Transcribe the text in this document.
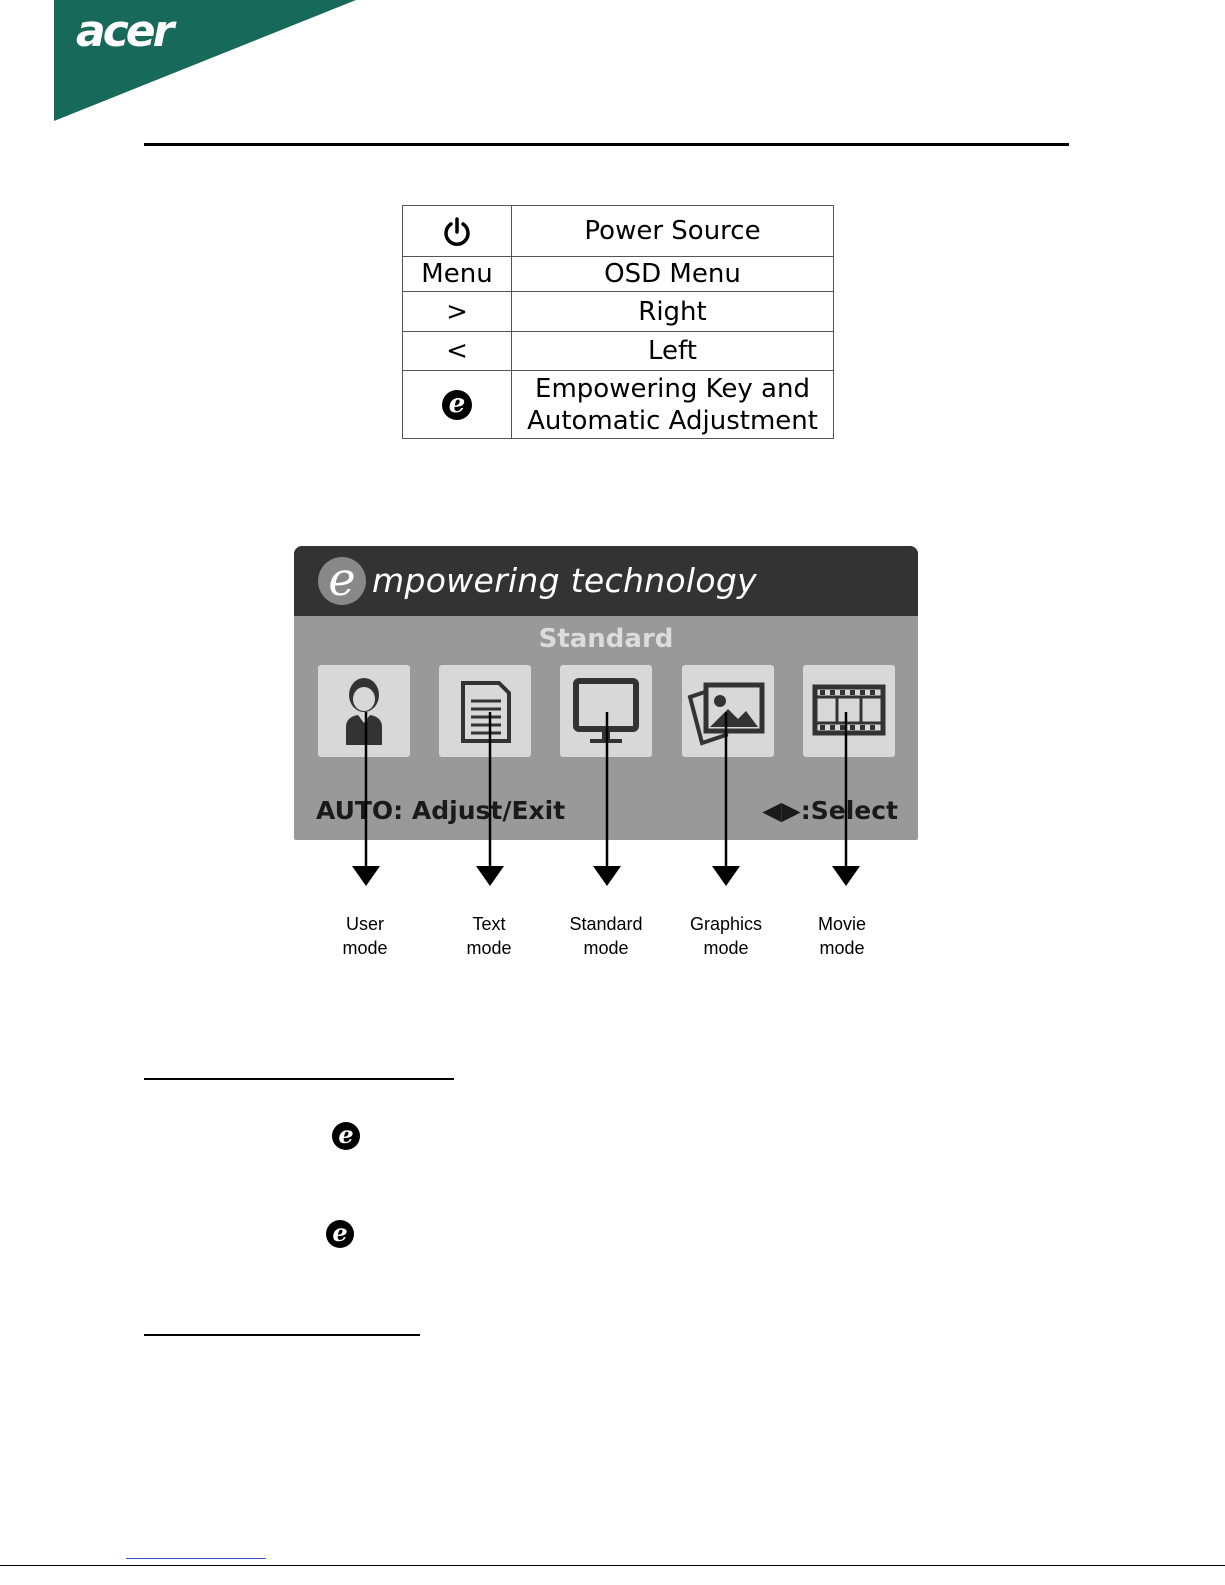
acer
	Power Source
Menu	OSD Menu
>	Right
<	Left
e	Empowering Key and
Automatic Adjustment
e mpowering technology
Standard
AUTO: Adjust/Exit	◀▶:Select
User
mode
Text
mode
Standard
mode
Graphics
mode
Movie
mode
e
e
